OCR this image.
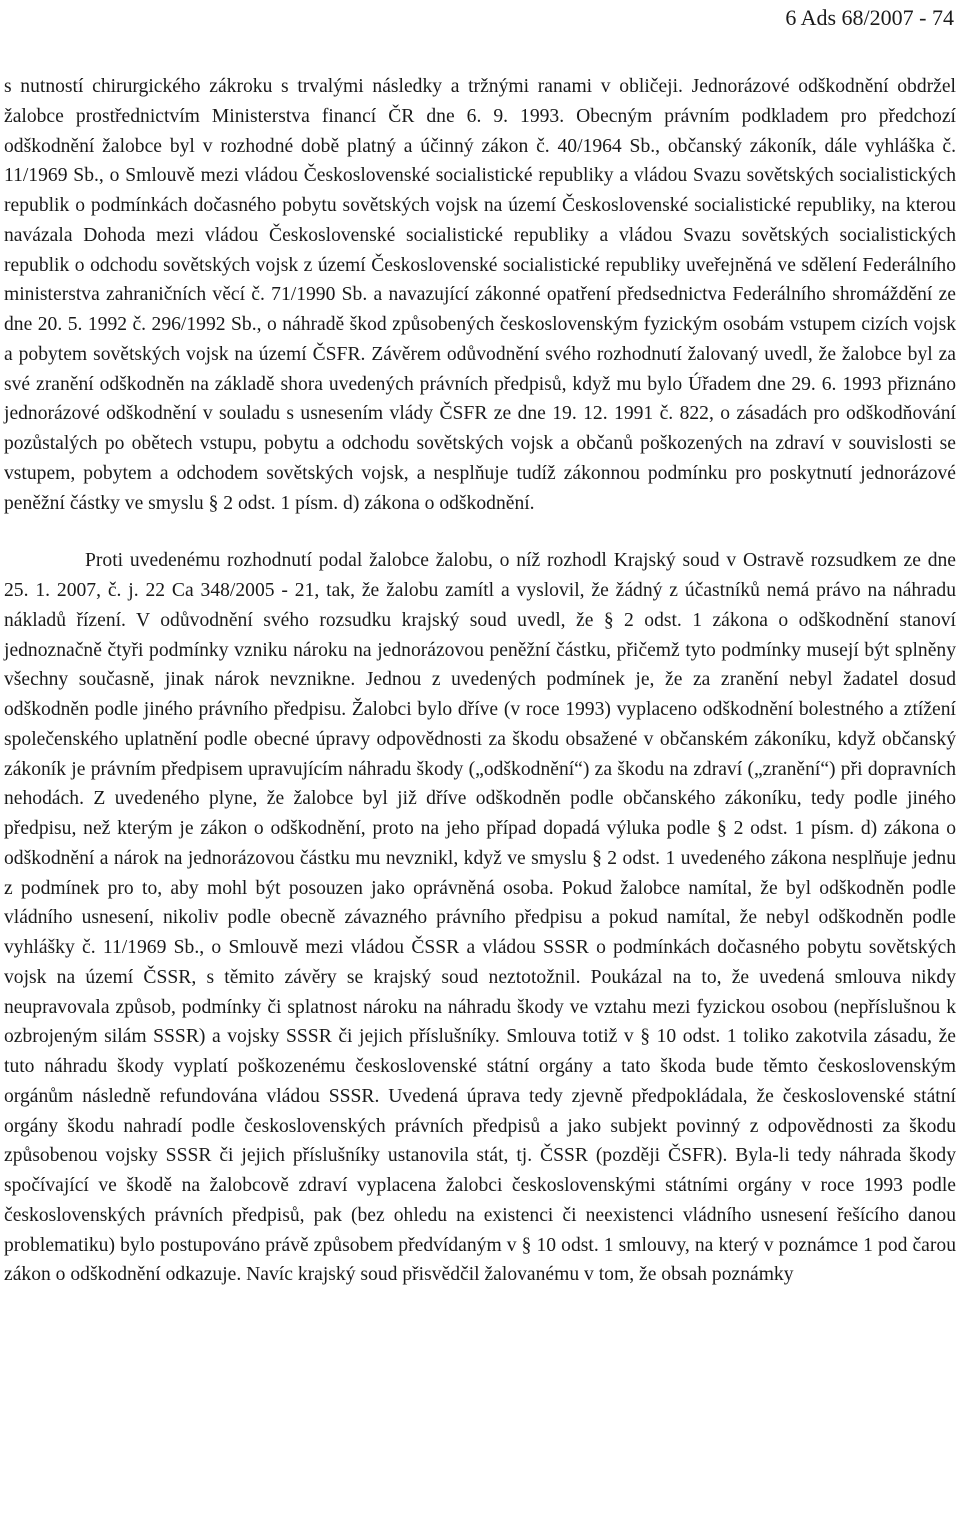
6 Ads 68/2007 - 74

s nutností chirurgického zákroku s trvalými následky a tržnými ranami v obličeji. Jednorázové odškodnění obdržel žalobce prostřednictvím Ministerstva financí ČR dne 6. 9. 1993. Obecným právním podkladem pro předchozí odškodnění žalobce byl v rozhodné době platný a účinný zákon č. 40/1964 Sb., občanský zákoník, dále vyhláška č. 11/1969 Sb., o Smlouvě mezi vládou Československé socialistické republiky a vládou Svazu sovětských socialistických republik o podmínkách dočasného pobytu sovětských vojsk na území Československé socialistické republiky, na kterou navázala Dohoda mezi vládou Československé socialistické republiky a vládou Svazu sovětských socialistických republik o odchodu sovětských vojsk z území Československé socialistické republiky uveřejněná ve sdělení Federálního ministerstva zahraničních věcí č. 71/1990 Sb. a navazující zákonné opatření předsednictva Federálního shromáždění ze dne 20. 5. 1992 č. 296/1992 Sb., o náhradě škod způsobených československým fyzickým osobám vstupem cizích vojsk a pobytem sovětských vojsk na území ČSFR. Závěrem odůvodnění svého rozhodnutí žalovaný uvedl, že žalobce byl za své zranění odškodněn na základě shora uvedených právních předpisů, když mu bylo Úřadem dne 29. 6. 1993 přiznáno jednorázové odškodnění v souladu s usnesením vlády ČSFR ze dne 19. 12. 1991 č. 822, o zásadách pro odškodňování pozůstalých po obětech vstupu, pobytu a odchodu sovětských vojsk a občanů poškozených na zdraví v souvislosti se vstupem, pobytem a odchodem sovětských vojsk, a nesplňuje tudíž zákonnou podmínku pro poskytnutí jednorázové peněžní částky ve smyslu § 2 odst. 1 písm. d) zákona o odškodnění.

Proti uvedenému rozhodnutí podal žalobce žalobu, o níž rozhodl Krajský soud v Ostravě rozsudkem ze dne 25. 1. 2007, č. j. 22 Ca 348/2005 - 21, tak, že žalobu zamítl a vyslovil, že žádný z účastníků nemá právo na náhradu nákladů řízení. V odůvodnění svého rozsudku krajský soud uvedl, že § 2 odst. 1 zákona o odškodnění stanoví jednoznačně čtyři podmínky vzniku nároku na jednorázovou peněžní částku, přičemž tyto podmínky musejí být splněny všechny současně, jinak nárok nevznikne. Jednou z uvedených podmínek je, že za zranění nebyl žadatel dosud odškodněn podle jiného právního předpisu. Žalobci bylo dříve (v roce 1993) vyplaceno odškodnění bolestného a ztížení společenského uplatnění podle obecné úpravy odpovědnosti za škodu obsažené v občanském zákoníku, když občanský zákoník je právním předpisem upravujícím náhradu škody („odškodnění“) za škodu na zdraví („zranění“) při dopravních nehodách. Z uvedeného plyne, že žalobce byl již dříve odškodněn podle občanského zákoníku, tedy podle jiného předpisu, než kterým je zákon o odškodnění, proto na jeho případ dopadá výluka podle § 2 odst. 1 písm. d) zákona o odškodnění a nárok na jednorázovou částku mu nevznikl, když ve smyslu § 2 odst. 1 uvedeného zákona nesplňuje jednu z podmínek pro to, aby mohl být posouzen jako oprávněná osoba. Pokud žalobce namítal, že byl odškodněn podle vládního usnesení, nikoliv podle obecně závazného právního předpisu a pokud namítal, že nebyl odškodněn podle vyhlášky č. 11/1969 Sb., o Smlouvě mezi vládou ČSSR a vládou SSSR o podmínkách dočasného pobytu sovětských vojsk na území ČSSR, s těmito závěry se krajský soud neztotožnil. Poukázal na to, že uvedená smlouva nikdy neupravovala způsob, podmínky či splatnost nároku na náhradu škody ve vztahu mezi fyzickou osobou (nepříslušnou k ozbrojeným silám SSSR) a vojsky SSSR či jejich příslušníky. Smlouva totiž v § 10 odst. 1 toliko zakotvila zásadu, že tuto náhradu škody vyplatí poškozenému československé státní orgány a tato škoda bude těmto československým orgánům následně refundována vládou SSSR. Uvedená úprava tedy zjevně předpokládala, že československé státní orgány škodu nahradí podle československých právních předpisů a jako subjekt povinný z odpovědnosti za škodu způsobenou vojsky SSSR či jejich příslušníky ustanovila stát, tj. ČSSR (později ČSFR). Byla-li tedy náhrada škody spočívající ve škodě na žalobcově zdraví vyplacena žalobci československými státními orgány v roce 1993 podle československých právních předpisů, pak (bez ohledu na existenci či neexistenci vládního usnesení řešícího danou problematiku) bylo postupováno právě způsobem předvídaným v § 10 odst. 1 smlouvy, na který v poznámce 1 pod čarou zákon o odškodnění odkazuje. Navíc krajský soud přisvědčil žalovanému v tom, že obsah poznámky
